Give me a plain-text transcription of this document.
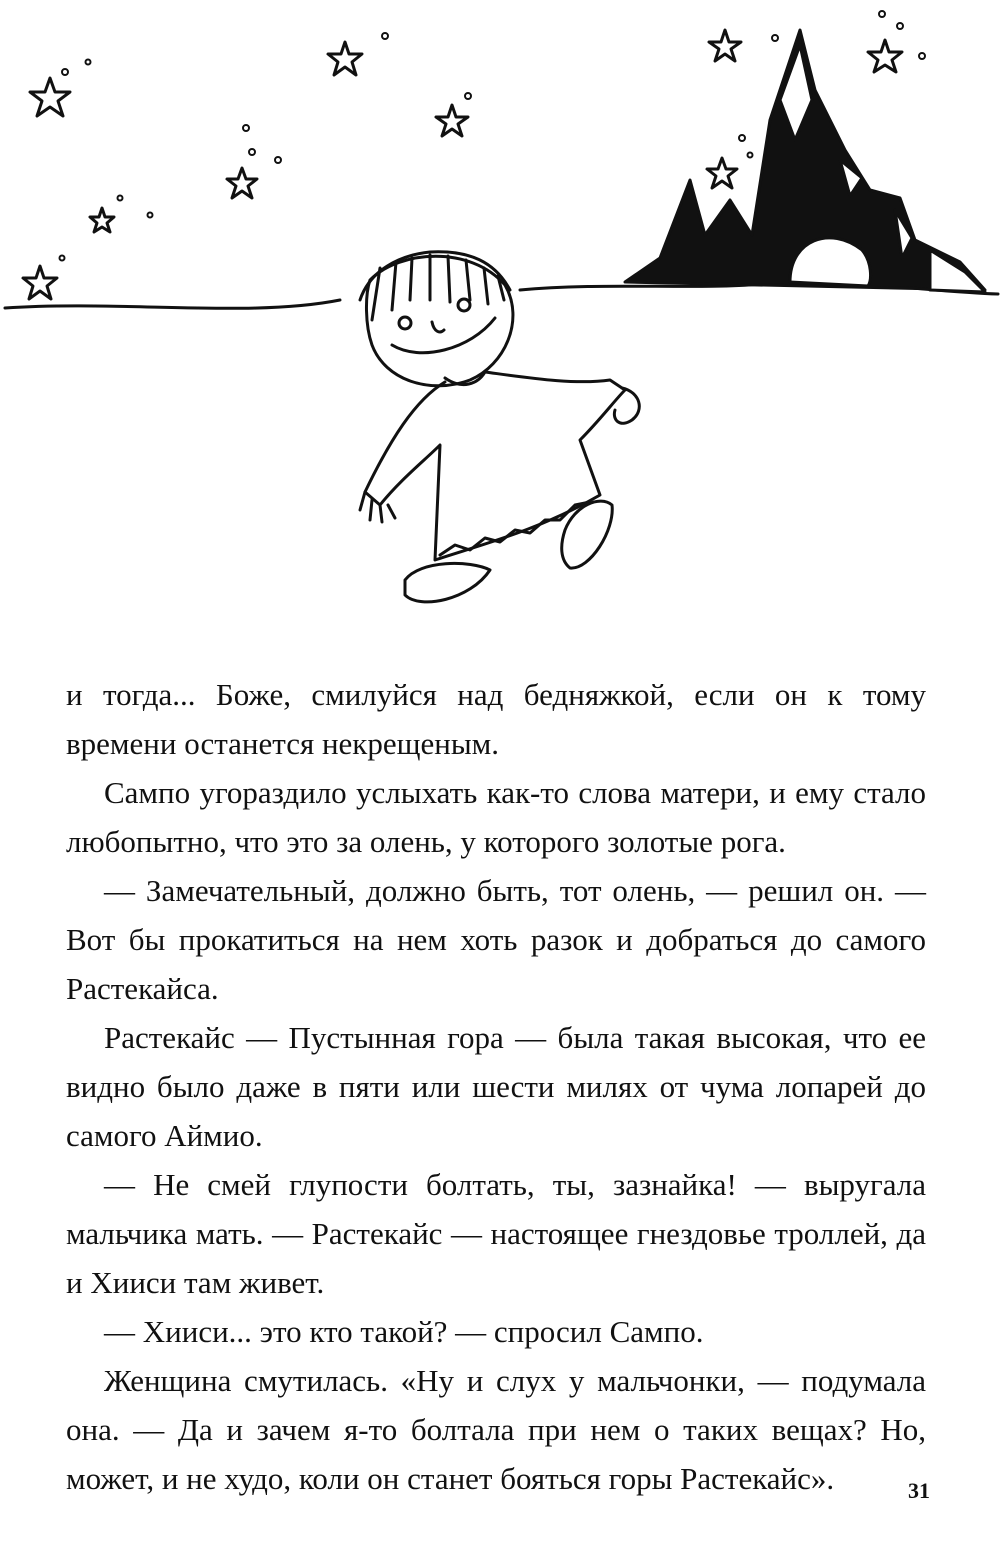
и тогда... Боже, смилуйся над бедняжкой, если он к тому времени останется некрещеным.

Сампо угораздило услыхать как-то слова матери, и ему стало любопытно, что это за олень, у которого золотые рога.

— Замечательный, должно быть, тот олень, — решил он. — Вот бы прокатиться на нем хоть разок и добраться до самого Растекайса.

Растекайс — Пустынная гора — была такая высокая, что ее видно было даже в пяти или шести милях от чума лопарей до самого Аймио.

— Не смей глупости болтать, ты, зазнайка! — выругала мальчика мать. — Растекайс — настоящее гнездовье троллей, да и Хииси там живет.

— Хииси... это кто такой? — спросил Сампо.

Женщина смутилась. «Ну и слух у мальчонки, — подумала она. — Да и зачем я-то болтала при нем о таких вещах? Но, может, и не худо, коли он станет бояться горы Растекайс».	31
